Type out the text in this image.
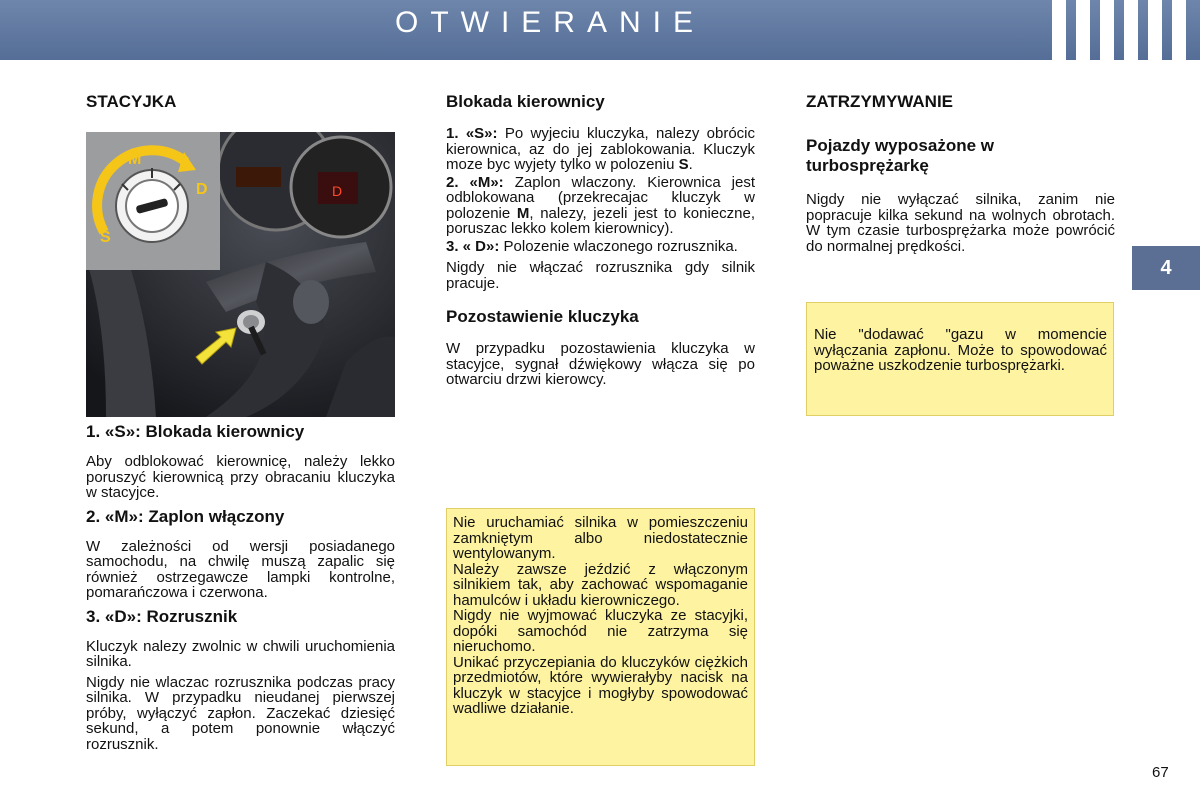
OTWIERANIE
4
STACYJKA
D
M
D
S
1. «S»: Blokada kierownicy
Aby odblokować kierownicę, należy lekko poruszyć kierownicą przy obracaniu kluczyka w stacyjce.
2. «M»: Zaplon włączony
W zależności od wersji posiadanego samochodu, na chwilę muszą zapalic się również ostrzegawcze lampki kontrolne, pomarańczowa i czerwona.
3. «D»: Rozrusznik
Kluczyk nalezy zwolnic w chwili uruchomienia silnika.
Nigdy nie wlaczac rozrusznika podczas pracy silnika. W przypadku nieudanej pierwszej próby, wyłączyć zapłon. Zaczekać dziesięć sekund, a potem ponownie włączyć rozrusznik.
Blokada kierownicy
1. «S»: Po wyjeciu kluczyka, nalezy obrócic kierownica, az do jej zablokowania. Kluczyk moze byc wyjety tylko w polozeniu S.
2. «M»: Zaplon wlaczony. Kierownica jest odblokowana (przekrecajac kluczyk w polozenie M, nalezy, jezeli jest to konieczne, poruszac lekko kolem kierownicy).
3. « D»: Polozenie wlaczonego rozrusznika.
Nigdy nie włączać rozrusznika gdy silnik pracuje.
Pozostawienie kluczyka
W przypadku pozostawienia kluczyka w stacyjce, sygnał dźwiękowy włącza się po otwarciu drzwi kierowcy.
Nie uruchamiać silnika w pomieszczeniu zamkniętym albo niedostatecznie wentylowanym.
Należy zawsze jeździć z włączonym silnikiem tak, aby zachować wspomaganie hamulców i układu kierowniczego.
Nigdy nie wyjmować kluczyka ze stacyjki, dopóki samochód nie zatrzyma się nieruchomo.
Unikać przyczepiania do kluczyków ciężkich przedmiotów, które wywierałyby nacisk na kluczyk w stacyjce i mogłyby spowodować wadliwe działanie.
ZATRZYMYWANIE
Pojazdy wyposażone w turbosprężarkę
Nigdy nie wyłączać silnika, zanim nie popracuje kilka sekund na wolnych obrotach. W tym czasie turbosprężarka może powrócić do normalnej prędkości.
Nie "dodawać "gazu w momencie wyłączania zapłonu. Może to spowodować poważne uszkodzenie turbosprężarki.
67
